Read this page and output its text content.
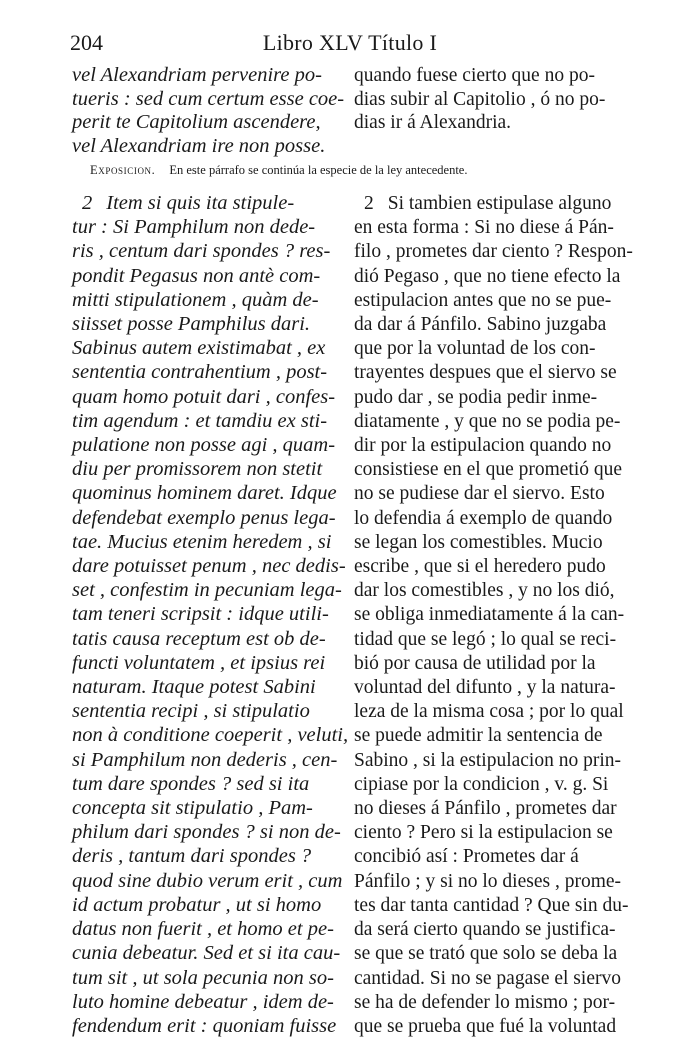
204	Libro XLV Título I
vel Alexandriam pervenire po-
tueris : sed cum certum esse coe-
perit te Capitolium ascendere,
vel Alexandriam ire non posse.
quando fuese cierto que no po-
dias subir al Capitolio , ó no po-
dias ir á Alexandria.
Exposicion. En este párrafo se continúa la especie de la ley antecedente.
2 Item si quis ita stipule-
tur : Si Pamphilum non dede-
ris , centum dari spondes ? res-
pondit Pegasus non antè com-
mitti stipulationem , quàm de-
siisset posse Pamphilus dari.
Sabinus autem existimabat , ex
sententia contrahentium , post-
quam homo potuit dari , confes-
tim agendum : et tamdiu ex sti-
pulatione non posse agi , quam-
diu per promissorem non stetit
quominus hominem daret. Idque
defendebat exemplo penus lega-
tae. Mucius etenim heredem , si
dare potuisset penum , nec dedis-
set , confestim in pecuniam lega-
tam teneri scripsit : idque utili-
tatis causa receptum est ob de-
functi voluntatem , et ipsius rei
naturam. Itaque potest Sabini
sententia recipi , si stipulatio
non à conditione coeperit , veluti,
si Pamphilum non dederis , cen-
tum dare spondes ? sed si ita
concepta sit stipulatio , Pam-
philum dari spondes ? si non de-
deris , tantum dari spondes ?
quod sine dubio verum erit , cum
id actum probatur , ut si homo
datus non fuerit , et homo et pe-
cunia debeatur. Sed et si ita cau-
tum sit , ut sola pecunia non so-
luto homine debeatur , idem de-
fendendum erit : quoniam fuisse
2 Si tambien estipulase alguno
en esta forma : Si no diese á Pán-
filo , prometes dar ciento ? Respon-
dió Pegaso , que no tiene efecto la
estipulacion antes que no se pue-
da dar á Pánfilo. Sabino juzgaba
que por la voluntad de los con-
trayentes despues que el siervo se
pudo dar , se podia pedir inme-
diatamente , y que no se podia pe-
dir por la estipulacion quando no
consistiese en el que prometió que
no se pudiese dar el siervo. Esto
lo defendia á exemplo de quando
se legan los comestibles. Mucio
escribe , que si el heredero pudo
dar los comestibles , y no los dió,
se obliga inmediatamente á la can-
tidad que se legó ; lo qual se reci-
bió por causa de utilidad por la
voluntad del difunto , y la natura-
leza de la misma cosa ; por lo qual
se puede admitir la sentencia de
Sabino , si la estipulacion no prin-
cipiase por la condicion , v. g. Si
no dieses á Pánfilo , prometes dar
ciento ? Pero si la estipulacion se
concibió así : Prometes dar á
Pánfilo ; y si no lo dieses , prome-
tes dar tanta cantidad ? Que sin du-
da será cierto quando se justifica-
se que se trató que solo se deba la
cantidad. Si no se pagase el siervo
se ha de defender lo mismo ; por-
que se prueba que fué la voluntad
